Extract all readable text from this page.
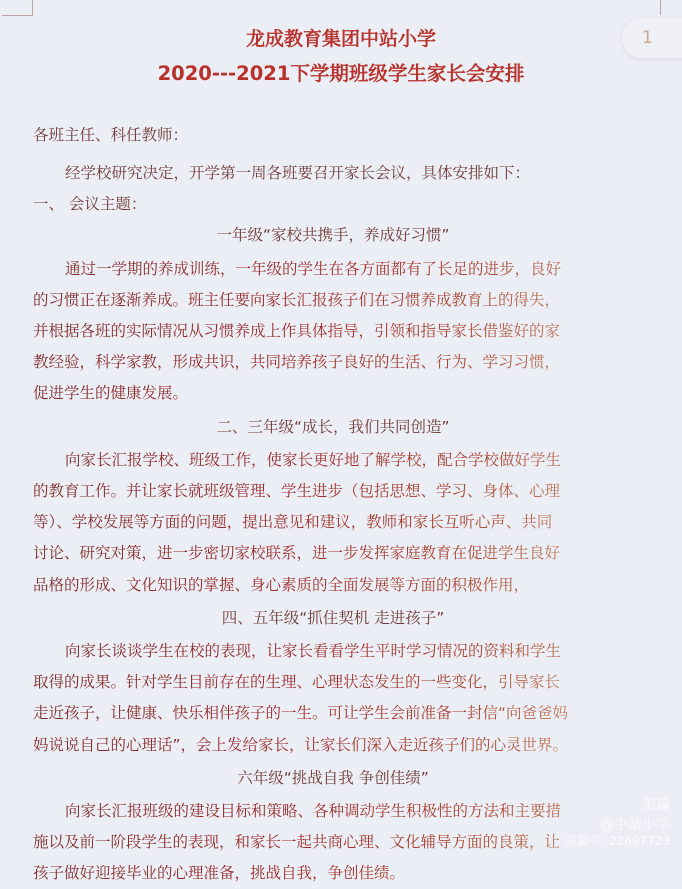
1
龙成教育集团中站小学
2020---2021下学期班级学生家长会安排
各班主任、科任教师：
经学校研究决定，开学第一周各班要召开家长会议，具体安排如下：
一、 会议主题：
一年级“家校共携手，养成好习惯”
通过一学期的养成训练，一年级的学生在各方面都有了长足的进步，良好
的习惯正在逐渐养成。班主任要向家长汇报孩子们在习惯养成教育上的得失，
并根据各班的实际情况从习惯养成上作具体指导，引领和指导家长借鉴好的家
教经验，科学家教，形成共识，共同培养孩子良好的生活、行为、学习习惯，
促进学生的健康发展。
二、三年级“成长，我们共同创造”
向家长汇报学校、班级工作，使家长更好地了解学校，配合学校做好学生
的教育工作。并让家长就班级管理、学生进步（包括思想、学习、身体、心理
等）、学校发展等方面的问题，提出意见和建议，教师和家长互听心声、共同
讨论、研究对策，进一步密切家校联系，进一步发挥家庭教育在促进学生良好
品格的形成、文化知识的掌握、身心素质的全面发展等方面的积极作用，
四、五年级“抓住契机 走进孩子”
向家长谈谈学生在校的表现，让家长看看学生平时学习情况的资料和学生
取得的成果。针对学生目前存在的生理、心理状态发生的一些变化，引导家长
走近孩子，让健康、快乐相伴孩子的一生。可让学生会前准备一封信“向爸爸妈
妈说说自己的心理话”，会上发给家长，让家长们深入走近孩子们的心灵世界。
六年级“挑战自我 争创佳绩”
向家长汇报班级的建设目标和策略、各种调动学生积极性的方法和主要措
施以及前一阶段学生的表现，和家长一起共商心理、文化辅导方面的良策，让
孩子做好迎接毕业的心理准备，挑战自我，争创佳绩。
美篇
@中站小学
美篇号: 22697723
